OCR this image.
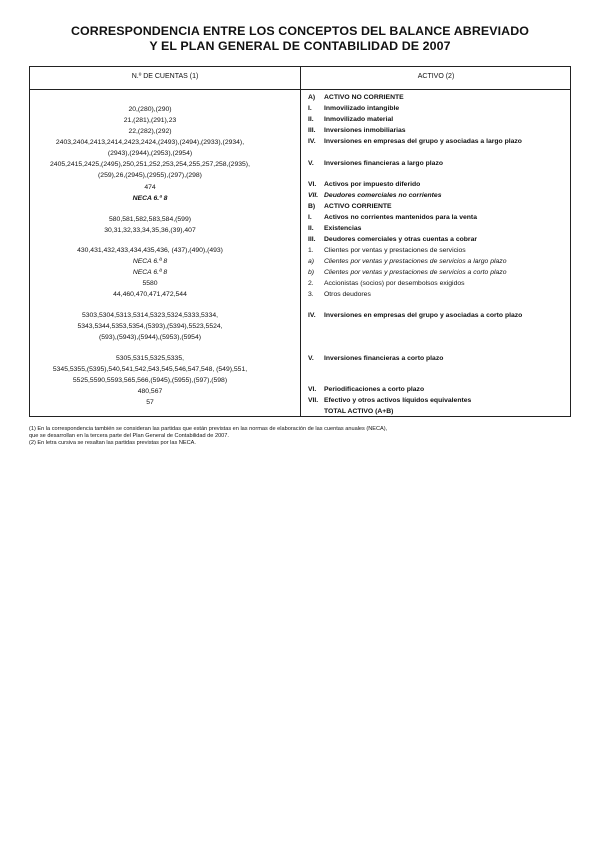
CORRESPONDENCIA ENTRE LOS CONCEPTOS DEL BALANCE ABREVIADO
Y EL PLAN GENERAL DE CONTABILIDAD DE 2007
N.º DE CUENTAS (1)	ACTIVO (2)
20,(280),(290)
21,(281),(291),23
22,(282),(292)
2403,2404,2413,2414,2423,2424,(2493),(2494),(2933),(2934),
(2943),(2944),(2953),(2954)
2405,2415,2425,(2495),250,251,252,253,254,255,257,258,(2935),
(259),26,(2945),(2955),(297),(298)
474
NECA 6.ª 8
580,581,582,583,584,(599)
30,31,32,33,34,35,36,(39),407
430,431,432,433,434,435,436, (437),(490),(493)
NECA 6.ª 8
NECA 6.ª 8
5580
44,460,470,471,472,544
5303,5304,5313,5314,5323,5324,5333,5334,
5343,5344,5353,5354,(5393),(5394),5523,5524,
(593),(5943),(5944),(5953),(5954)
5305,5315,5325,5335,
5345,5355,(5395),540,541,542,543,545,546,547,548, (549),551,
5525,5590,5593,565,566,(5945),(5955),(597),(598)
480,567
57
A) ACTIVO NO CORRIENTE
I. Inmovilizado intangible
II. Inmovilizado material
III. Inversiones inmobiliarias
IV. Inversiones en empresas del grupo y asociadas a largo plazo
V. Inversiones financieras a largo plazo
VI. Activos por impuesto diferido
VII. Deudores comerciales no corrientes
B) ACTIVO CORRIENTE
I. Activos no corrientes mantenidos para la venta
II. Existencias
III. Deudores comerciales y otras cuentas a cobrar
1. Clientes por ventas y prestaciones de servicios
a) Clientes por ventas y prestaciones de servicios a largo plazo
b) Clientes por ventas y prestaciones de servicios a corto plazo
2. Accionistas (socios) por desembolsos exigidos
3. Otros deudores
IV. Inversiones en empresas del grupo y asociadas a corto plazo
V. Inversiones financieras a corto plazo
VI. Periodificaciones a corto plazo
VII. Efectivo y otros activos líquidos equivalentes
TOTAL ACTIVO (A+B)
(1) En la correspondencia también se consideran las partidas que están previstas en las normas de elaboración de las cuentas anuales (NECA),
que se desarrollan en la tercera parte del Plan General de Contabilidad de 2007.
(2) En letra cursiva se resaltan las partidas previstas por las NECA.
